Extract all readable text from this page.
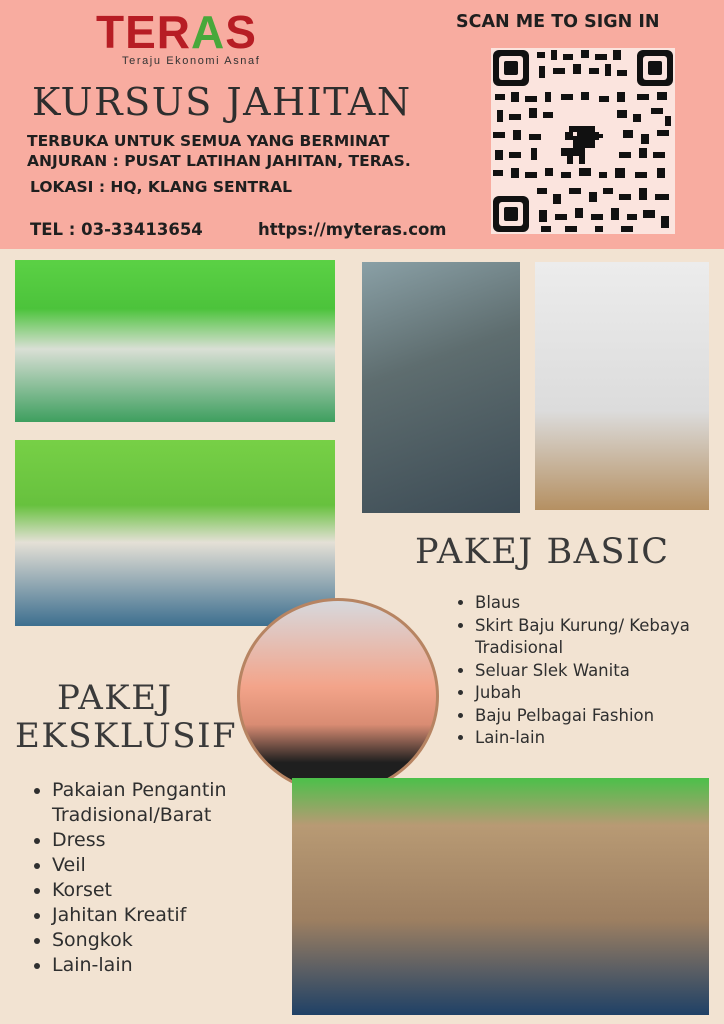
TERAS
Teraju Ekonomi Asnaf
KURSUS JAHITAN
TERBUKA UNTUK SEMUA YANG BERMINAT
ANJURAN : PUSAT LATIHAN JAHITAN, TERAS.
LOKASI : HQ, KLANG SENTRAL
TEL : 03-33413654	https://myteras.com
SCAN ME TO SIGN IN
PAKEJ BASIC
• Blaus
• Skirt Baju Kurung/ Kebaya Tradisional
• Seluar Slek Wanita
• Jubah
• Baju Pelbagai Fashion
• Lain-lain
PAKEJ
EKSKLUSIF
• Pakaian Pengantin Tradisional/Barat
• Dress
• Veil
• Korset
• Jahitan Kreatif
• Songkok
• Lain-lain
